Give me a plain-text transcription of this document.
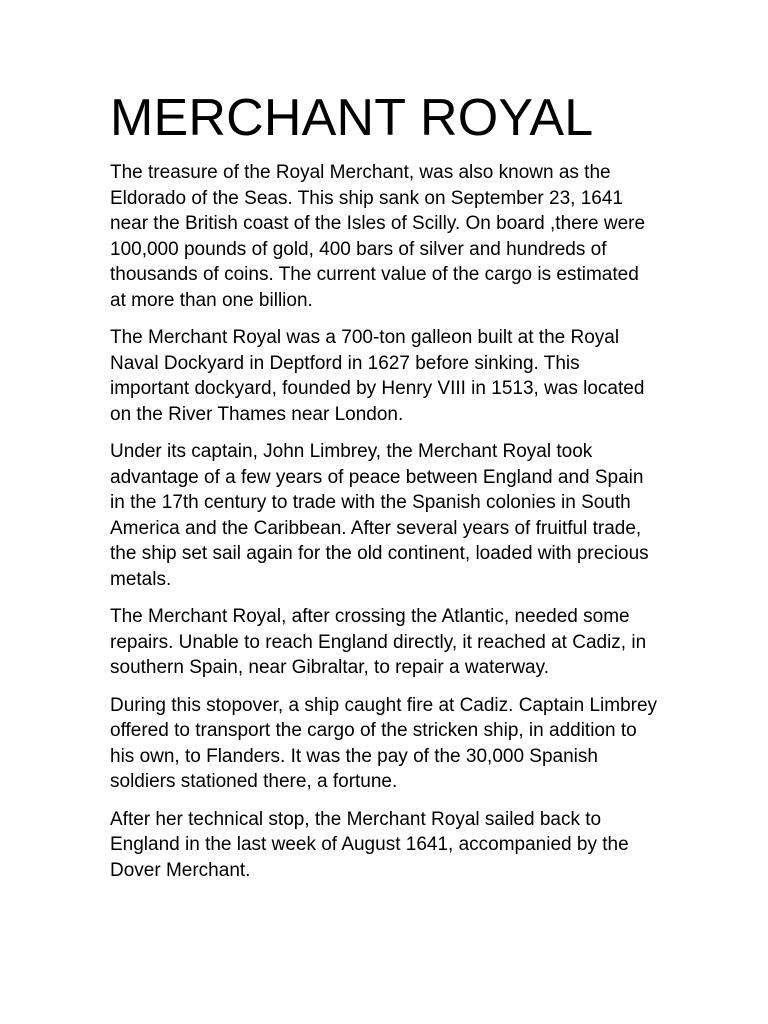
MERCHANT ROYAL

The treasure of the Royal Merchant, was also known as the Eldorado of the Seas. This ship sank on September 23, 1641 near the British coast of the Isles of Scilly. On board ,there were 100,000 pounds of gold, 400 bars of silver and hundreds of thousands of coins. The current value of the cargo is estimated at more than one billion.

The Merchant Royal was a 700-ton galleon built at the Royal Naval Dockyard in Deptford in 1627 before sinking. This important dockyard, founded by Henry VIII in 1513, was located on the River Thames near London.

Under its captain, John Limbrey, the Merchant Royal took advantage of a few years of peace between England and Spain in the 17th century to trade with the Spanish colonies in South America and the Caribbean. After several years of fruitful trade, the ship set sail again for the old continent, loaded with precious metals.

The Merchant Royal, after crossing the Atlantic, needed some repairs. Unable to reach England directly, it reached at Cadiz, in southern Spain, near Gibraltar, to repair a waterway.

During this stopover, a ship caught fire at Cadiz. Captain Limbrey offered to transport the cargo of the stricken ship, in addition to his own, to Flanders. It was the pay of the 30,000 Spanish soldiers stationed there, a fortune.

After her technical stop, the Merchant Royal sailed back to England in the last week of August 1641, accompanied by the Dover Merchant.
